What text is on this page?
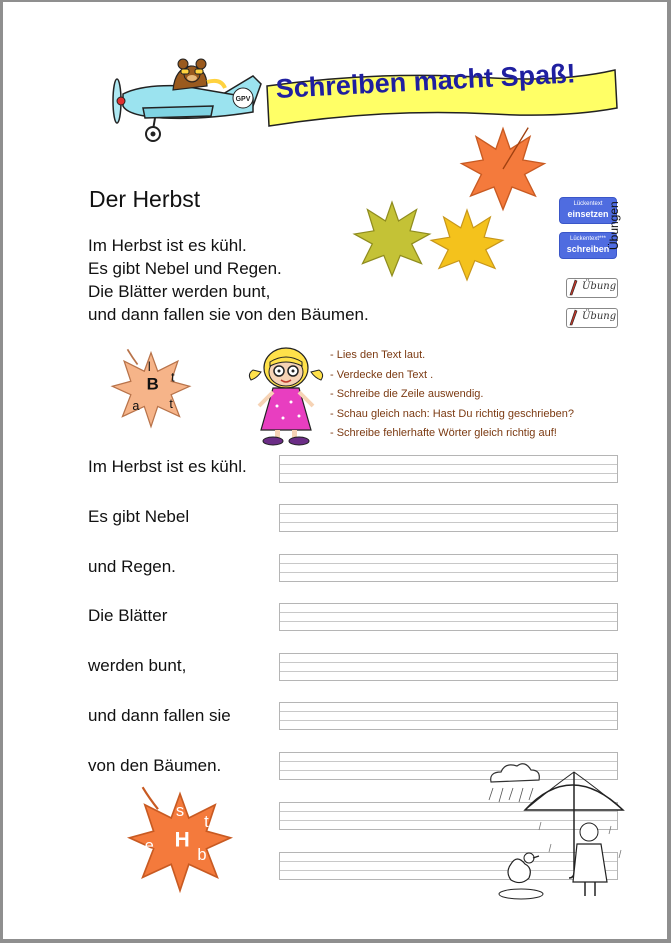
GPV Schreiben macht Spaß!
Der Herbst
Im Herbst ist es kühl.
Es gibt Nebel und Regen.
Die Blätter werden bunt,
und dann fallen sie von den Bäumen.
Lückentext
einsetzen
Lückentext***
schreiben
Übungen
Übung
Übung
B
l
t
a t
- Lies den Text laut.
- Verdecke den Text .
- Schreibe die Zeile auswendig.
- Schau gleich nach: Hast Du richtig geschrieben?
- Schreibe fehlerhafte Wörter gleich richtig auf!
Im Herbst ist es kühl.
Es gibt Nebel
und Regen.
Die Blätter
werden bunt,
und dann fallen sie
von den Bäumen.
H
s
t
e	b
r
